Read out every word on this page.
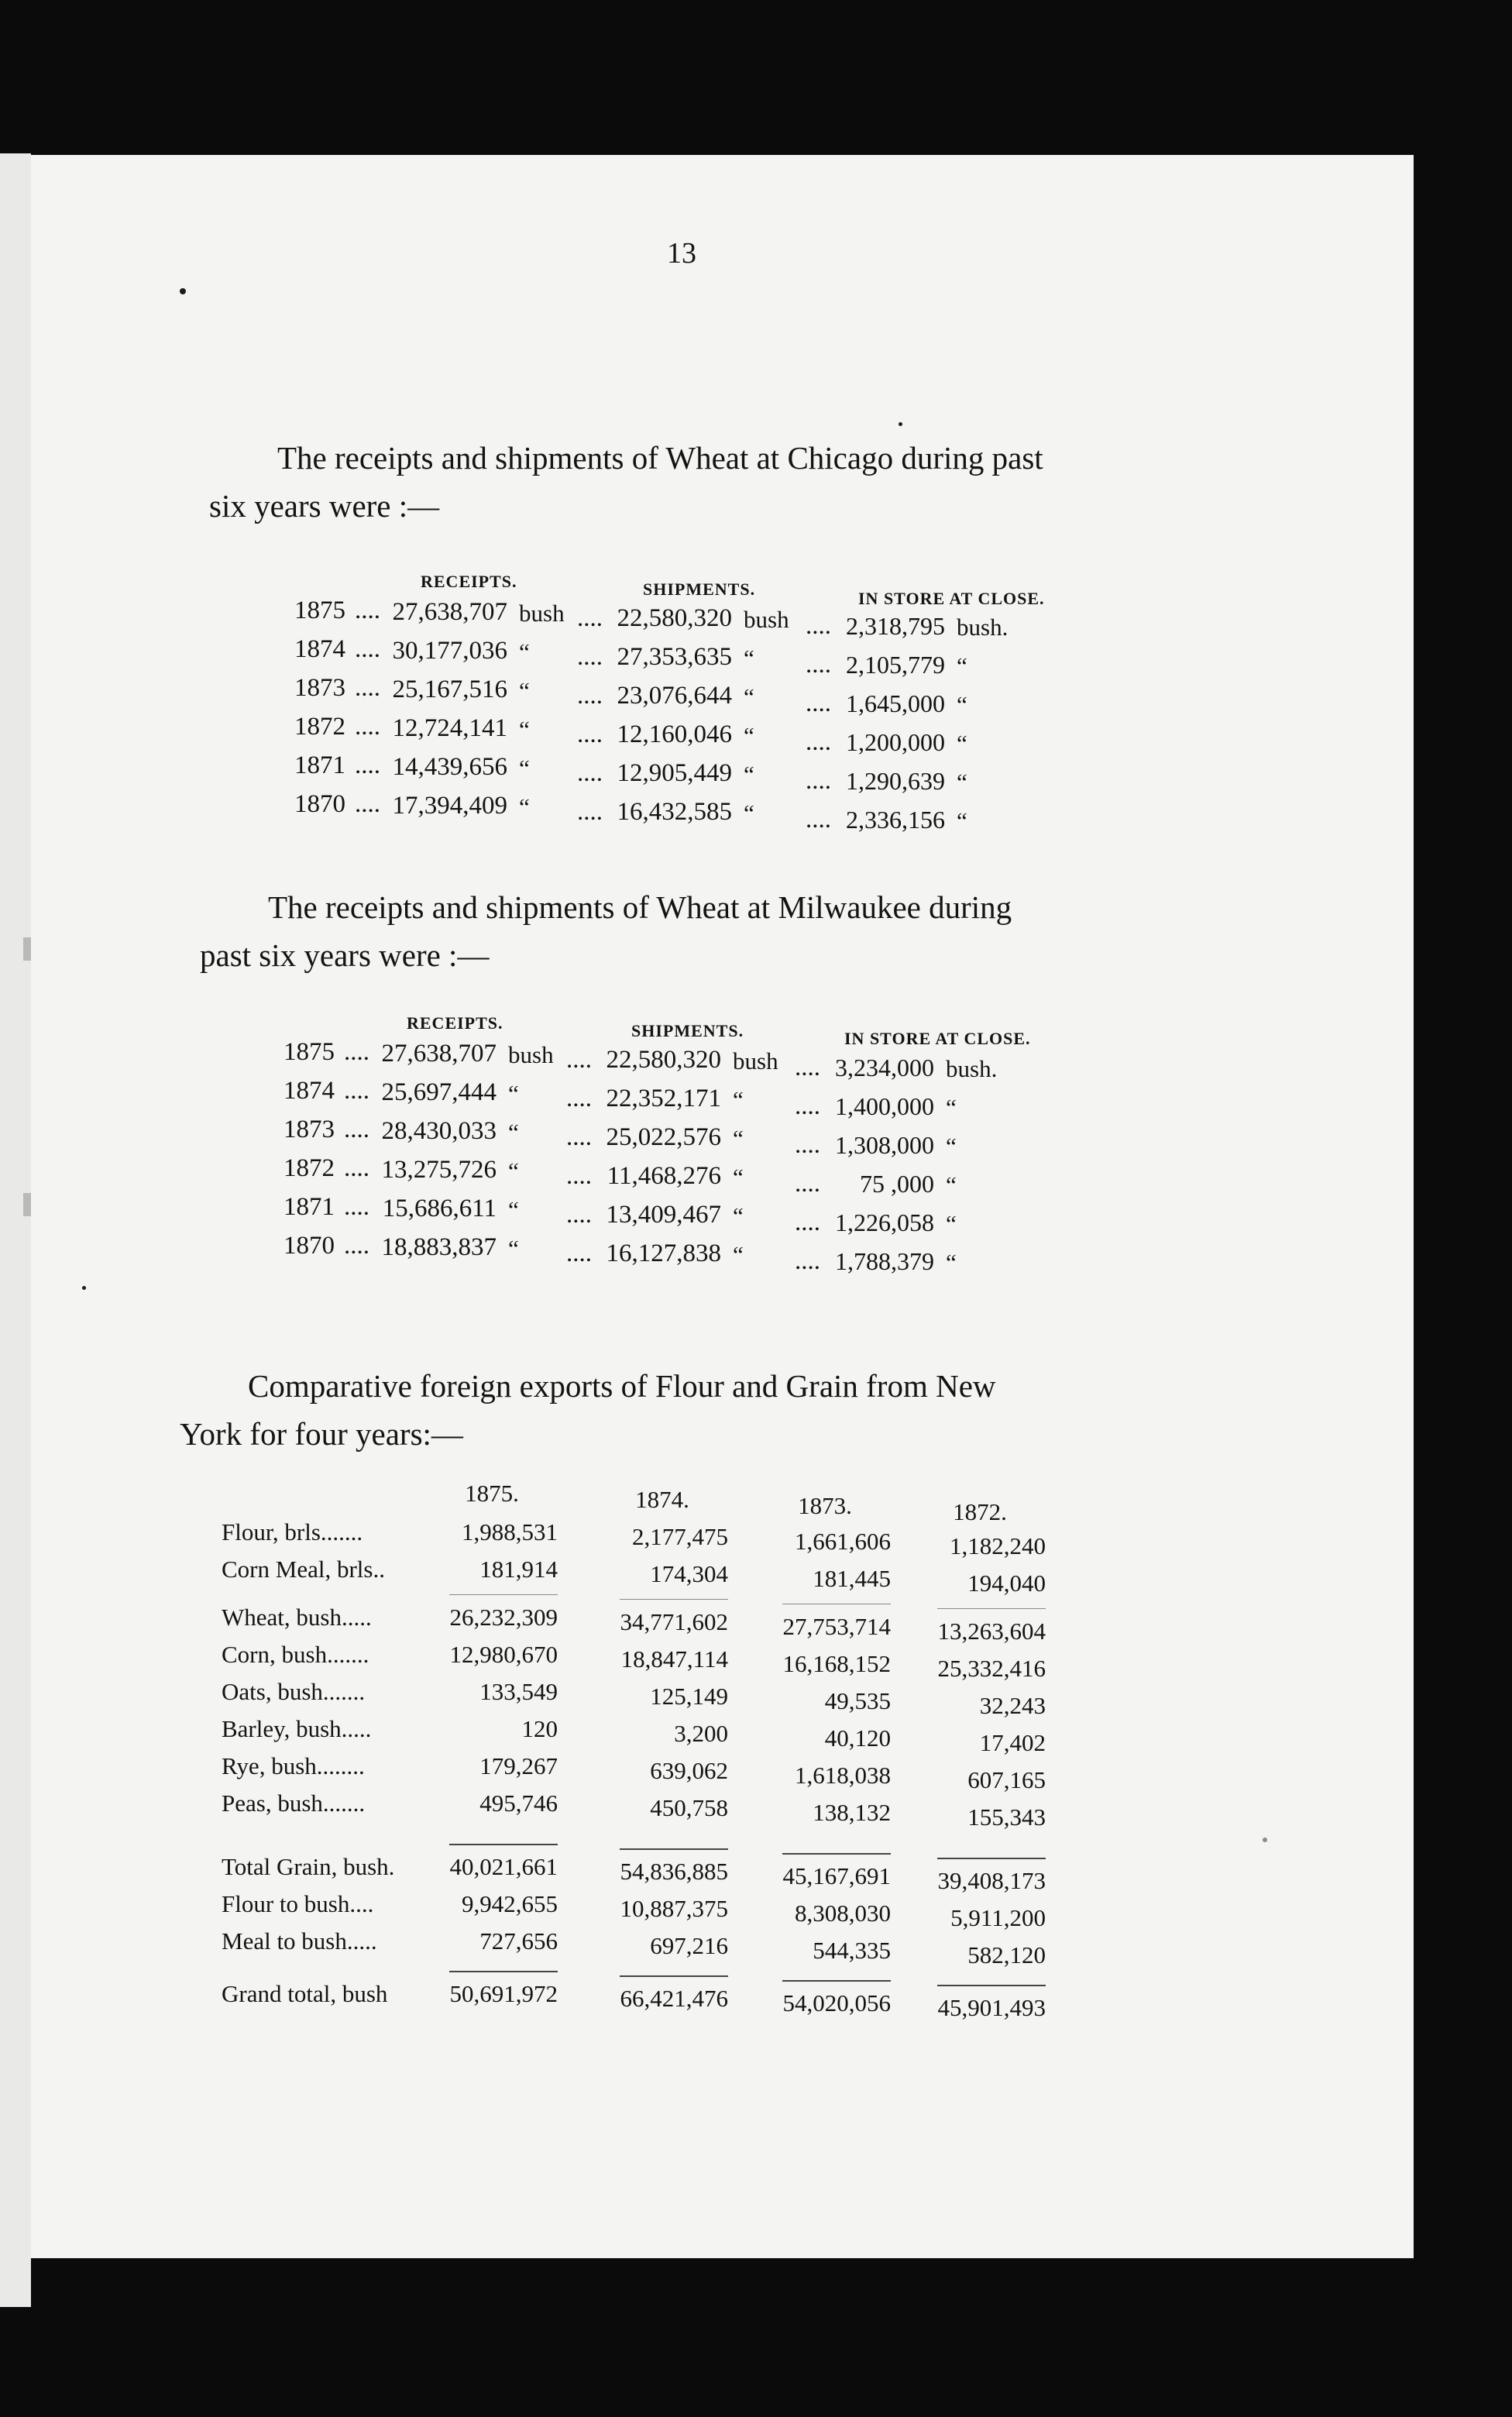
13

The receipts and shipments of Wheat at Chicago during past

six years were :—

RECEIPTS.	SHIPMENTS.	IN STORE AT CLOSE.
1875 .... 27,638,707 bush .... 22,580,320 bush .... 2,318,795 bush.
1874 .... 30,177,036 “ .... 27,353,635 “ .... 2,105,779 “
1873 .... 25,167,516 “ .... 23,076,644 “ .... 1,645,000 “
1872 .... 12,724,141 “ .... 12,160,046 “ .... 1,200,000 “
1871 .... 14,439,656 “ .... 12,905,449 “ .... 1,290,639 “
1870 .... 17,394,409 “ .... 16,432,585 “ .... 2,336,156 “

The receipts and shipments of Wheat at Milwaukee during

past six years were :—

RECEIPTS.	SHIPMENTS.	IN STORE AT CLOSE.
1875 .... 27,638,707 bush .... 22,580,320 bush .... 3,234,000 bush.
1874 .... 25,697,444 “ .... 22,352,171 “ .... 1,400,000 “
1873 .... 28,430,033 “ .... 25,022,576 “ .... 1,308,000 “
1872 .... 13,275,726 “ .... 11,468,276 “ ....	75 ,000 “
1871 .... 15,686,611 “ .... 13,409,467 “ .... 1,226,058 “
1870 .... 18,883,837 “ .... 16,127,838 “ .... 1,788,379 “

Comparative foreign exports of Flour and Grain from New

York for four years:—

1875.	1874.	1873.	1872.
Flour, brls.......	1,988,531	2,177,475	1,661,606	1,182,240
Corn Meal, brls..	181,914	174,304	181,445	194,040
Wheat, bush.....	26,232,309	34,771,602	27,753,714	13,263,604
Corn, bush.......	12,980,670	18,847,114	16,168,152	25,332,416
Oats, bush.......	133,549	125,149	49,535	32,243
Barley, bush.....	120	3,200	40,120	17,402
Rye, bush........	179,267	639,062	1,618,038	607,165
Peas, bush.......	495,746	450,758	138,132	155,343
Total Grain, bush.	40,021,661	54,836,885	45,167,691	39,408,173
Flour to bush....	9,942,655	10,887,375	8,308,030	5,911,200
Meal to bush.....	727,656	697,216	544,335	582,120
Grand total, bush	50,691,972	66,421,476	54,020,056	45,901,493
